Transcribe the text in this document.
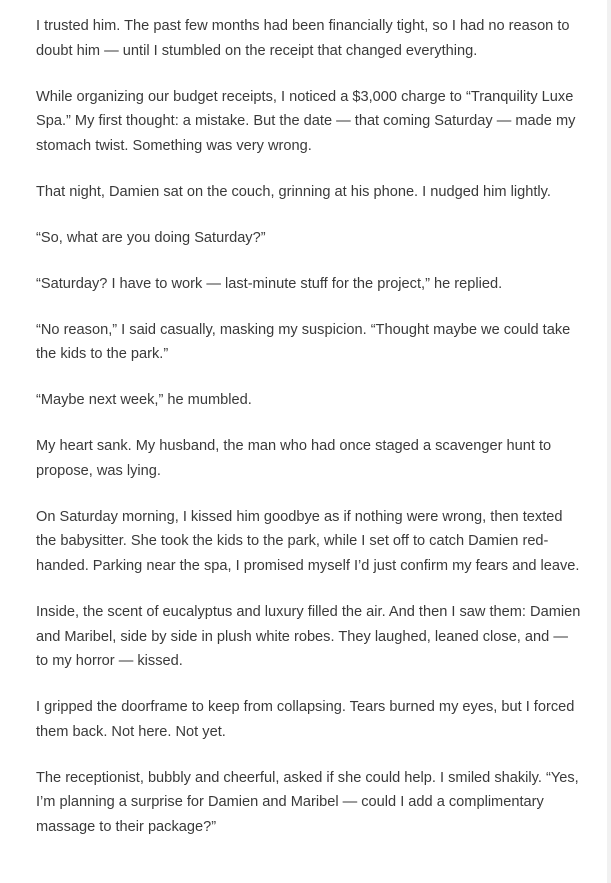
I trusted him. The past few months had been financially tight, so I had no reason to doubt him — until I stumbled on the receipt that changed everything.

While organizing our budget receipts, I noticed a $3,000 charge to “Tranquility Luxe Spa.” My first thought: a mistake. But the date — that coming Saturday — made my stomach twist. Something was very wrong.

That night, Damien sat on the couch, grinning at his phone. I nudged him lightly.

“So, what are you doing Saturday?”

“Saturday? I have to work — last-minute stuff for the project,” he replied.

“No reason,” I said casually, masking my suspicion. “Thought maybe we could take the kids to the park.”

“Maybe next week,” he mumbled.

My heart sank. My husband, the man who had once staged a scavenger hunt to propose, was lying.

On Saturday morning, I kissed him goodbye as if nothing were wrong, then texted the babysitter. She took the kids to the park, while I set off to catch Damien red-handed. Parking near the spa, I promised myself I’d just confirm my fears and leave.

Inside, the scent of eucalyptus and luxury filled the air. And then I saw them: Damien and Maribel, side by side in plush white robes. They laughed, leaned close, and — to my horror — kissed.

I gripped the doorframe to keep from collapsing. Tears burned my eyes, but I forced them back. Not here. Not yet.

The receptionist, bubbly and cheerful, asked if she could help. I smiled shakily. “Yes, I’m planning a surprise for Damien and Maribel — could I add a complimentary massage to their package?”
